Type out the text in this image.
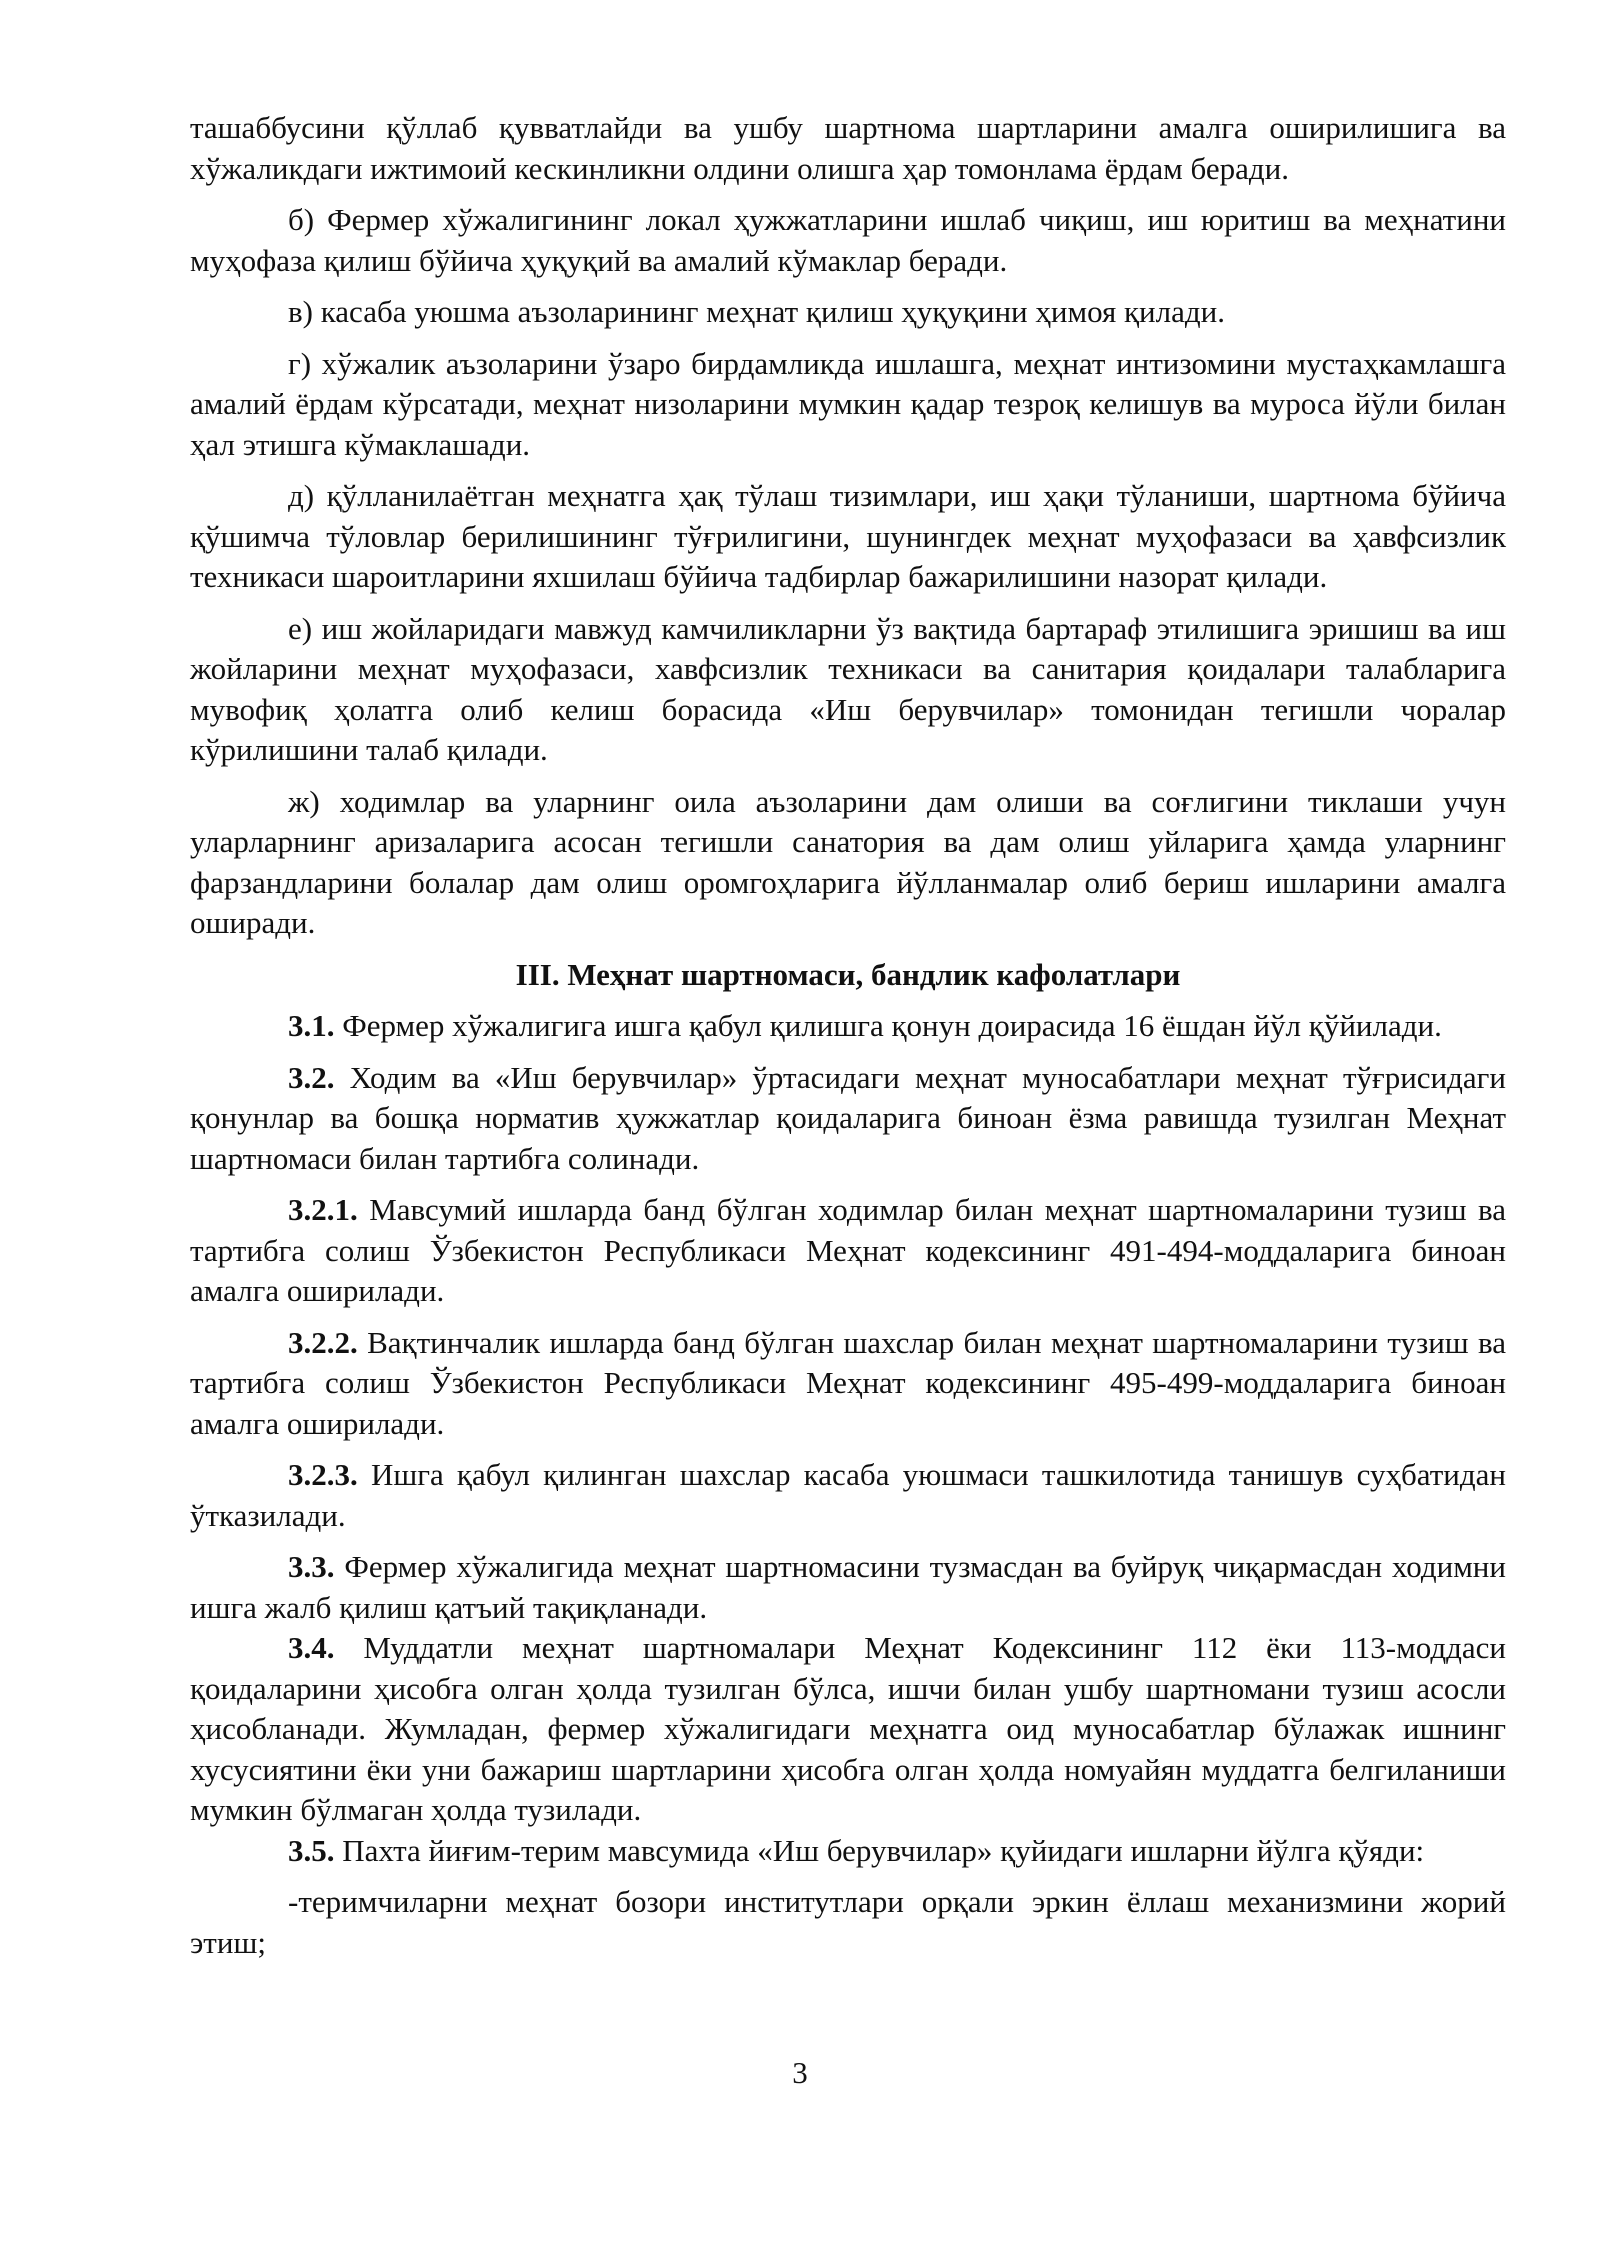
ташаббусини қўллаб қувватлайди ва ушбу шартнома шартларини амалга оширилишига ва хўжаликдаги ижтимоий кескинликни олдини олишга ҳар томонлама ёрдам беради.

б) Фермер хўжалигининг локал ҳужжатларини ишлаб чиқиш, иш юритиш ва меҳнатини муҳофаза қилиш бўйича ҳуқуқий ва амалий кўмаклар беради.

в) касаба уюшма аъзоларининг меҳнат қилиш ҳуқуқини ҳимоя қилади.

г) хўжалик аъзоларини ўзаро бирдамликда ишлашга, меҳнат интизомини мустаҳкамлашга амалий ёрдам кўрсатади, меҳнат низоларини мумкин қадар тезроқ келишув ва муроса йўли билан ҳал этишга кўмаклашади.

д) қўлланилаётган меҳнатга ҳақ тўлаш тизимлари, иш ҳақи тўланиши, шартнома бўйича қўшимча тўловлар берилишининг тўғрилигини, шунингдек меҳнат муҳофазаси ва ҳавфсизлик техникаси шароитларини яхшилаш бўйича тадбирлар бажарилишини назорат қилади.

е) иш жойларидаги мавжуд камчиликларни ўз вақтида бартараф этилишига эришиш ва иш жойларини меҳнат муҳофазаси, хавфсизлик техникаси ва санитария қоидалари талабларига мувофиқ ҳолатга олиб келиш борасида «Иш берувчилар» томонидан тегишли чоралар кўрилишини талаб қилади.

ж) ходимлар ва уларнинг оила аъзоларини дам олиши ва соғлигини тиклаши учун уларларнинг аризаларига асосан тегишли санатория ва дам олиш уйларига ҳамда уларнинг фарзандларини болалар дам олиш оромгоҳларига йўлланмалар олиб бериш ишларини амалга оширади.

III. Меҳнат шартномаси, бандлик кафолатлари

3.1. Фермер хўжалигига ишга қабул қилишга қонун доирасида 16 ёшдан йўл қўйилади.

3.2. Ходим ва «Иш берувчилар» ўртасидаги меҳнат муносабатлари меҳнат тўғрисидаги қонунлар ва бошқа норматив ҳужжатлар қоидаларига биноан ёзма равишда тузилган Меҳнат шартномаси билан тартибга солинади.

3.2.1. Мавсумий ишларда банд бўлган ходимлар билан меҳнат шартномаларини тузиш ва тартибга солиш Ўзбекистон Республикаси Меҳнат кодексининг 491-494-моддаларига биноан амалга оширилади.

3.2.2. Вақтинчалик ишларда банд бўлган шахслар билан меҳнат шартномаларини тузиш ва тартибга солиш Ўзбекистон Республикаси Меҳнат кодексининг 495-499-моддаларига биноан амалга оширилади.

3.2.3. Ишга қабул қилинган шахслар касаба уюшмаси ташкилотида танишув суҳбатидан ўтказилади.

3.3. Фермер хўжалигида меҳнат шартномасини тузмасдан ва буйруқ чиқармасдан ходимни ишга жалб қилиш қатъий тақиқланади.

3.4. Муддатли меҳнат шартномалари Меҳнат Кодексининг 112 ёки 113-моддаси қоидаларини ҳисобга олган ҳолда тузилган бўлса, ишчи билан ушбу шартномани тузиш асосли ҳисобланади. Жумладан, фермер хўжалигидаги меҳнатга оид муносабатлар бўлажак ишнинг хусусиятини ёки уни бажариш шартларини ҳисобга олган ҳолда номуайян муддатга белгиланиши мумкин бўлмаган ҳолда тузилади.

3.5. Пахта йиғим-терим мавсумида «Иш берувчилар» қуйидаги ишларни йўлга қўяди:

-теримчиларни меҳнат бозори институтлари орқали эркин ёллаш механизмини жорий этиш;

3
